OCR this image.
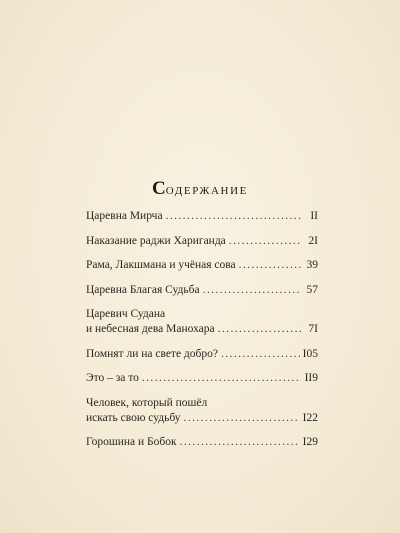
Содержание
Царевна Мирча .....	II
Наказание раджи Хариганда .....	2I
Рама, Лакшмана и учёная сова .....	39
Царевна Благая Судьба .....	57
Царевич Судана
и небесная дева Манохара .....	7I
Помнят ли на свете добро? .....	I05
Это – за то .....	II9
Человек, который пошёл
искать свою судьбу .....	I22
Горошина и Бобок .....	I29
